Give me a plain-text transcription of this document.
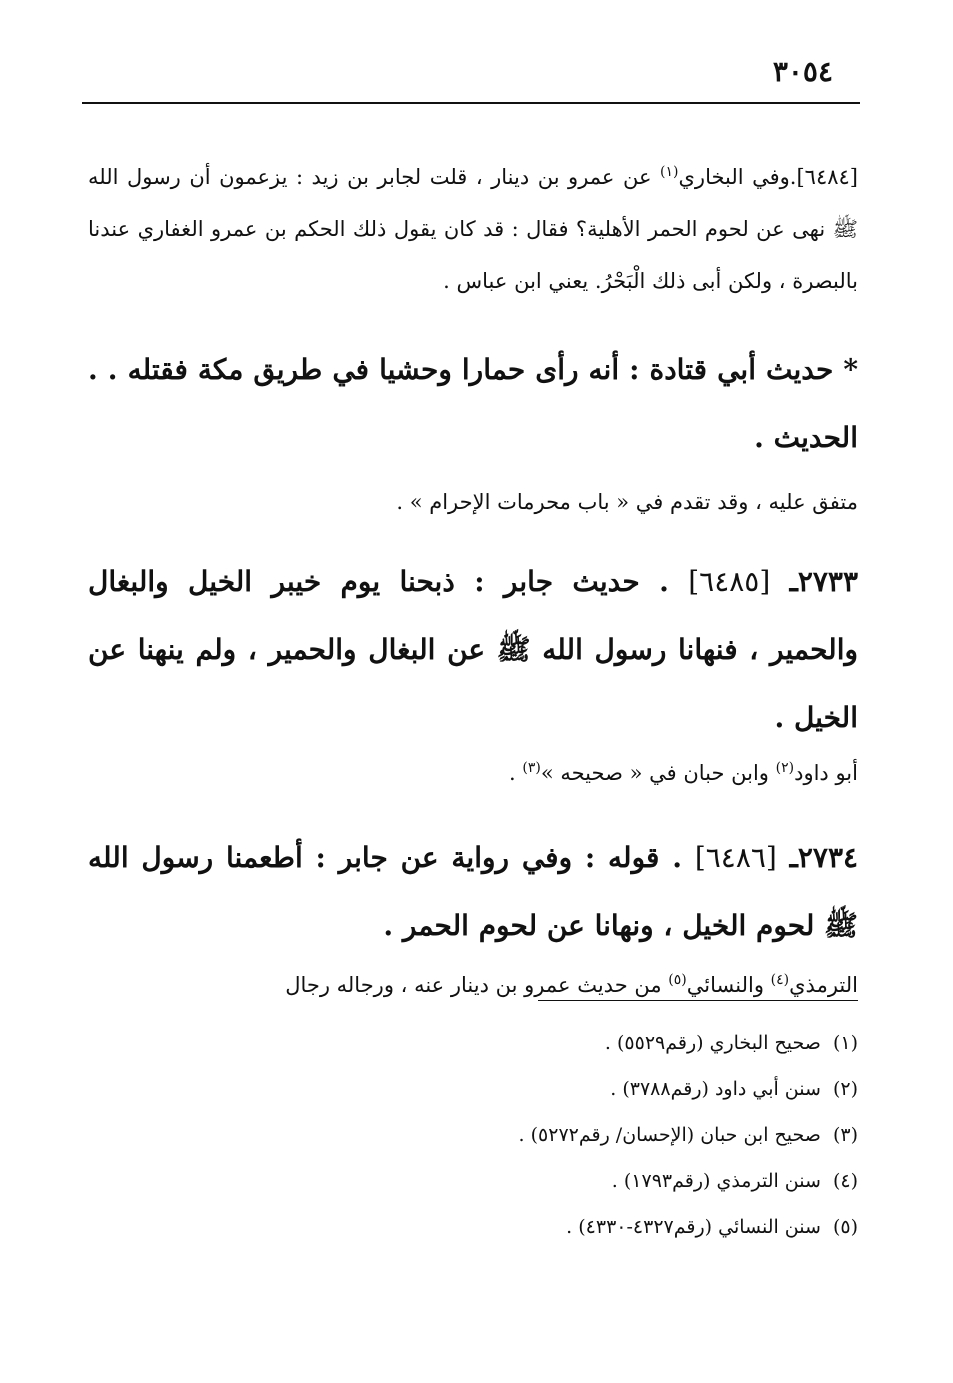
٣٠٥٤

[٦٤٨٤].وفي البخاري$^{(١)}$ عن عمرو بن دينار ، قلت لجابر بن زيد : يزعمون أن رسول الله ﷺ نهى عن لحوم الحمر الأهلية؟ فقال : قد كان يقول ذلك الحكم بن عمرو الغفاري عندنا بالبصرة ، ولكن أبى ذلك الْبَحْرُ. يعني ابن عباس .

* حديث أبي قتادة : أنه رأى حمارا وحشيا في طريق مكة فقتله . . الحديث .

متفق عليه ، وقد تقدم في « باب محرمات الإحرام » .

٢٧٣٣ـ [٦٤٨٥] . حديث جابر : ذبحنا يوم خيبر الخيل والبغال والحمير ، فنهانا رسول الله ﷺ عن البغال والحمير ، ولم ينهنا عن الخيل .

أبو داود$^{(٢)}$ وابن حبان في « صحيحه »$^{(٣)}$ .

٢٧٣٤ـ [٦٤٨٦] . قوله : وفي رواية عن جابر : أطعمنا رسول الله ﷺ لحوم الخيل ، ونهانا عن لحوم الحمر .

الترمذي$^{(٤)}$ والنسائي$^{(٥)}$ من حديث عمرو بن دينار عنه ، ورجاله رجال

(١)صحيح البخاري (رقم٥٥٢٩) .
(٢)سنن أبي داود (رقم٣٧٨٨) .
(٣)صحيح ابن حبان (الإحسان/ رقم٥٢٧٢) .
(٤)سنن الترمذي (رقم١٧٩٣) .
(٥)سنن النسائي (رقم٤٣٢٧-٤٣٣٠) .
